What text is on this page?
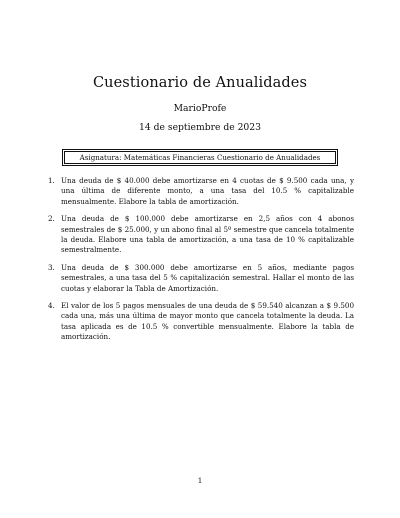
Cuestionario de Anualidades
MarioProfe
14 de septiembre de 2023
Asignatura: Matemáticas Financieras Cuestionario de Anualidades
1. Una deuda de $ 40.000 debe amortizarse en 4 cuotas de $ 9.500 cada una, y una última de diferente monto, a una tasa del 10.5 % capitalizable mensualmente. Elabore la tabla de amortización.
2. Una deuda de $ 100.000 debe amortizarse en 2,5 años con 4 abonos semestrales de $ 25.000, y un abono final al 5º semestre que cancela totalmente la deuda. Elabore una tabla de amortización, a una tasa de 10 % capitalizable semestralmente.
3. Una deuda de $ 300.000 debe amortizarse en 5 años, mediante pagos semestrales, a una tasa del 5 % capitalización semestral. Hallar el monto de las cuotas y elaborar la Tabla de Amortización.
4. El valor de los 5 pagos mensuales de una deuda de $ 59.540 alcanzan a $ 9.500 cada una, más una última de mayor monto que cancela totalmente la deuda. La tasa aplicada es de 10.5 % convertible mensualmente. Elabore la tabla de amortización.
1
